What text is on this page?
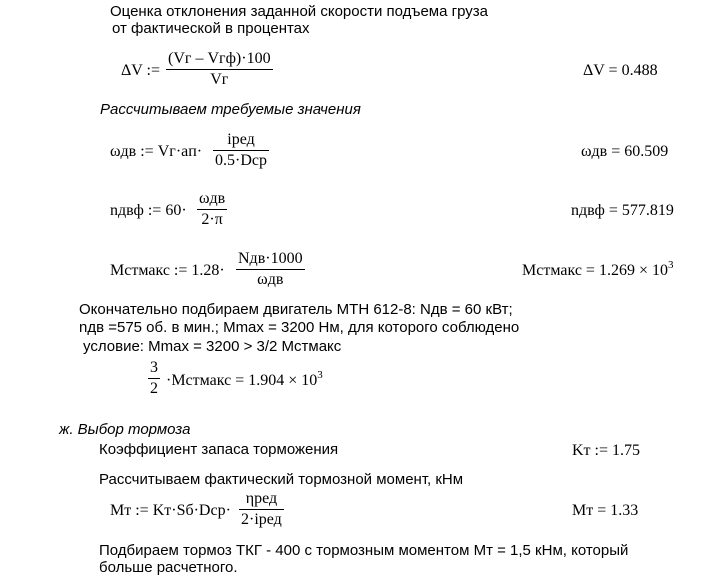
Оценка отклонения заданной скорости подъема груза
от фактической в процентах
ΔV :=
(Vг – Vгф)·100
Vг
ΔV = 0.488
Рассчитываем требуемые значения
ωдв := Vг·aп·
iред
0.5·Dcp
ωдв = 60.509
nдвф := 60·
ωдв
2·π
nдвф = 577.819
Mстмакс := 1.28·
Nдв·1000
ωдв
Mстмакс = $1.269 \times 10^3$
Окончательно подбираем двигатель МТН 612-8: Nдв = 60 кВт;
nдв =575 об. в мин.; Mmax = 3200 Нм, для которого соблюдено
условие: Mmax = 3200 > 3/2 Mстмакс
3
2 ·Mстмакс = $1.904 \times 10^3$
ж. Выбор тормоза
Коэффициент запаса торможения	Kт := 1.75
Рассчитываем фактический тормозной момент, кНм
Mт := Kт·Sб·Dcp·
ηред
2·iред
Mт = 1.33
Подбираем тормоз ТКГ - 400 с тормозным моментом Мт = 1,5 кНм, который
больше расчетного.
